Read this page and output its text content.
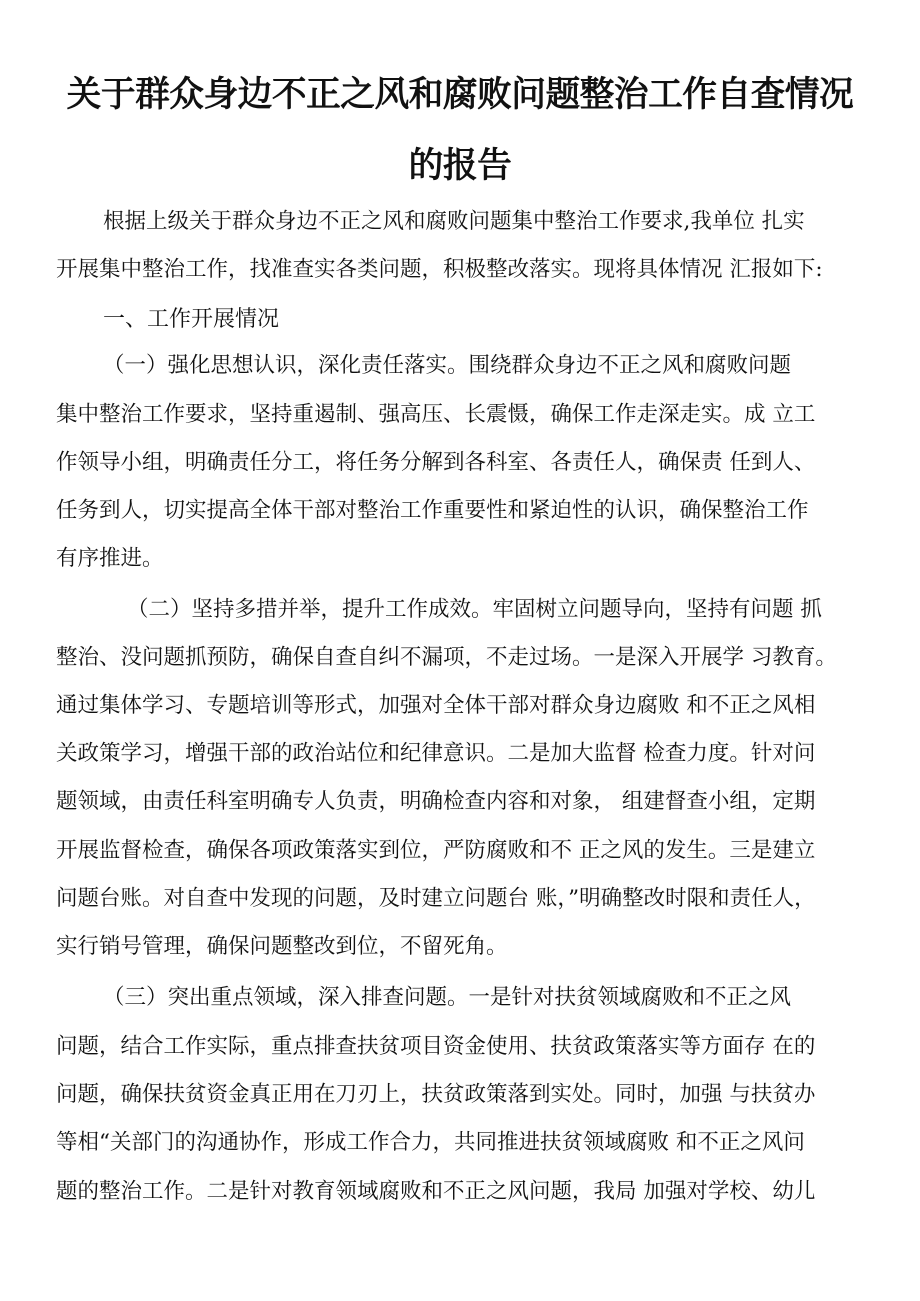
关于群众身边不正之风和腐败问题整治工作自查情况
的报告

根据上级关于群众身边不正之风和腐败问题集中整治工作要求,我单位 扎实

开展集中整治工作，找准查实各类问题，积极整改落实。现将具体情况 汇报如下:

一、工作开展情况

（一）强化思想认识，深化责任落实。围绕群众身边不正之风和腐败问题

集中整治工作要求，坚持重遏制、强高压、长震慑，确保工作走深走实。成 立工

作领导小组，明确责任分工，将任务分解到各科室、各责任人，确保责 任到人、

任务到人，切实提高全体干部对整治工作重要性和紧迫性的认识，确保整治工作

有序推进。

（二）坚持多措并举，提升工作成效。牢固树立问题导向，坚持有问题 抓

整治、没问题抓预防，确保自查自纠不漏项，不走过场。一是深入开展学 习教育。

通过集体学习、专题培训等形式，加强对全体干部对群众身边腐败 和不正之风相

关政策学习，增强干部的政治站位和纪律意识。二是加大监督 检查力度。针对问

题领域，由责任科室明确专人负责，明确检查内容和对象， 组建督查小组，定期

开展监督检查，确保各项政策落实到位，严防腐败和不 正之风的发生。三是建立

问题台账。对自查中发现的问题，及时建立问题台 账，”明确整改时限和责任人，

实行销号管理，确保问题整改到位，不留死角。

（三）突出重点领域，深入排查问题。一是针对扶贫领域腐败和不正之风

问题，结合工作实际，重点排查扶贫项目资金使用、扶贫政策落实等方面存 在的

问题，确保扶贫资金真正用在刀刃上，扶贫政策落到实处。同时，加强 与扶贫办

等相“关部门的沟通协作，形成工作合力，共同推进扶贫领域腐败 和不正之风问

题的整治工作。二是针对教育领域腐败和不正之风问题，我局 加强对学校、幼儿
